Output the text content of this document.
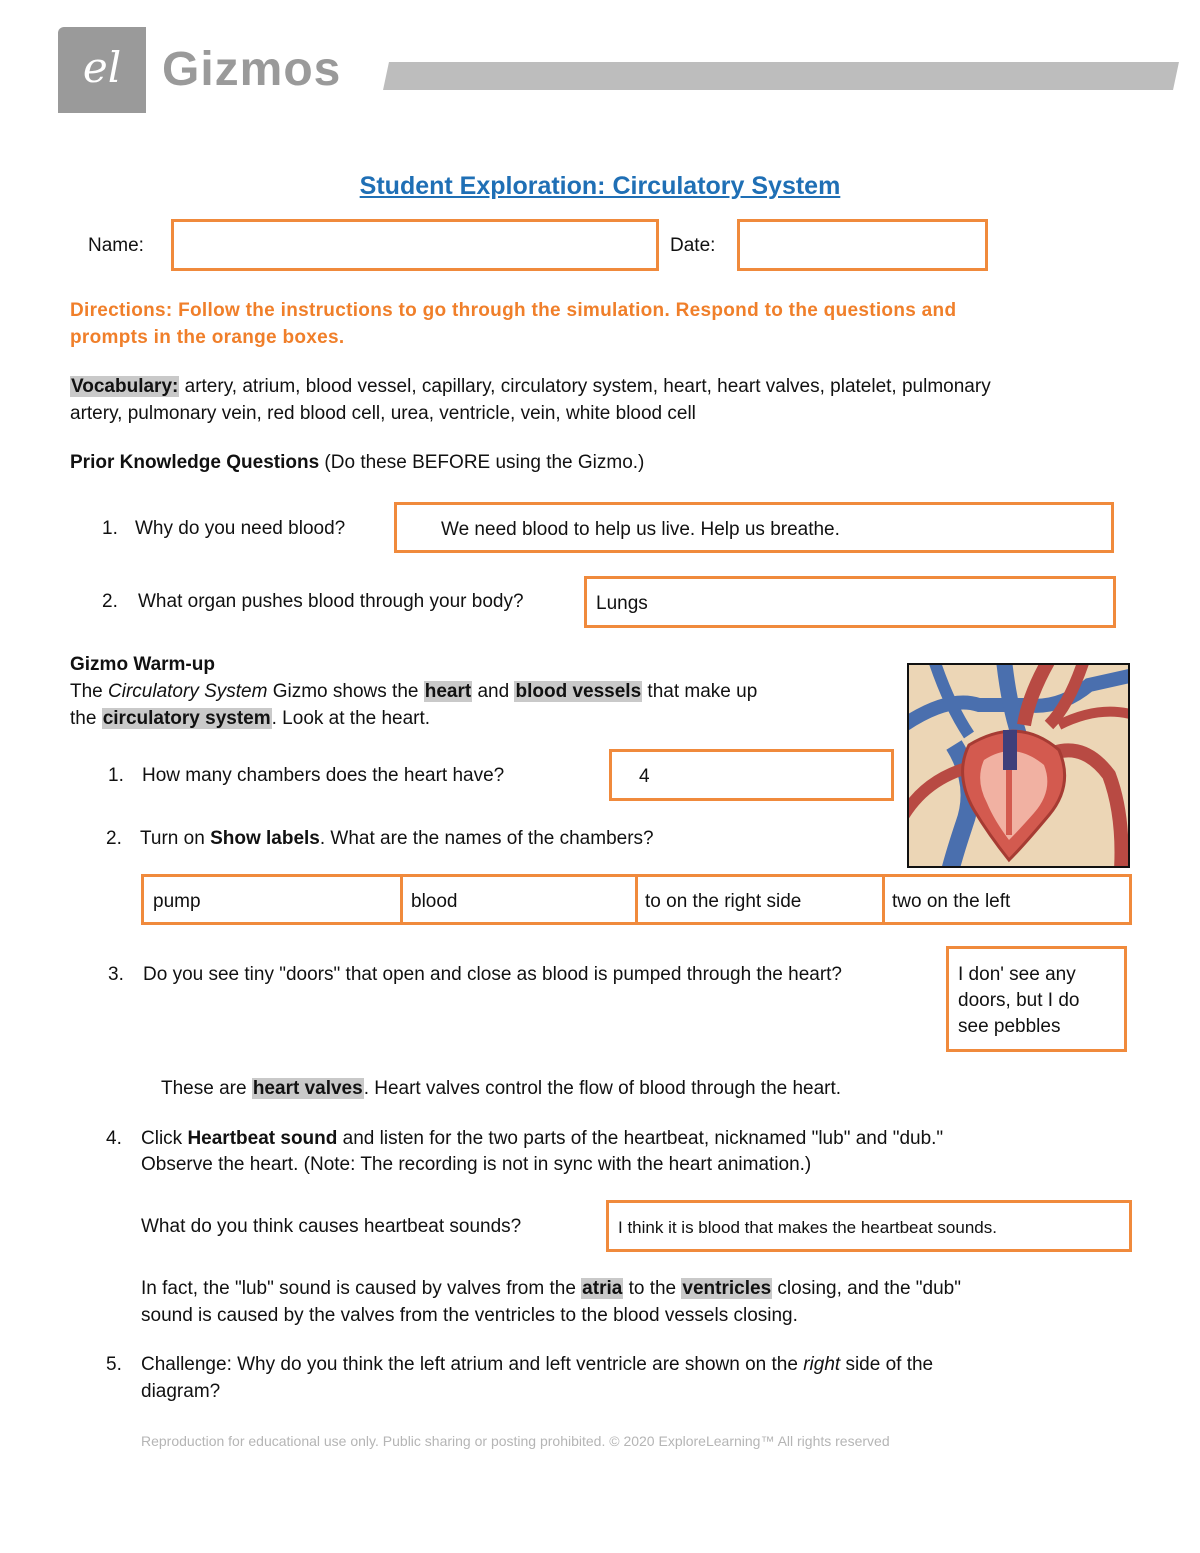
el Gizmos
Student Exploration: Circulatory System
Name:	Date:
Directions: Follow the instructions to go through the simulation. Respond to the questions and
prompts in the orange boxes.
Vocabulary: artery, atrium, blood vessel, capillary, circulatory system, heart, heart valves, platelet, pulmonary
artery, pulmonary vein, red blood cell, urea, ventricle, vein, white blood cell
Prior Knowledge Questions (Do these BEFORE using the Gizmo.)
1. Why do you need blood?	We need blood to help us live. Help us breathe.
2. What organ pushes blood through your body?	Lungs
Gizmo Warm-up
The Circulatory System Gizmo shows the heart and blood vessels that make up
the circulatory system. Look at the heart.
1. How many chambers does the heart have?	4
2. Turn on Show labels. What are the names of the chambers?
pump	blood	to on the right side	two on the left
3. Do you see tiny "doors" that open and close as blood is pumped through the heart?	I don' see any
doors, but I do
see pebbles
These are heart valves. Heart valves control the flow of blood through the heart.
4. Click Heartbeat sound and listen for the two parts of the heartbeat, nicknamed "lub" and "dub."
Observe the heart. (Note: The recording is not in sync with the heart animation.)
What do you think causes heartbeat sounds?	I think it is blood that makes the heartbeat sounds.
In fact, the "lub" sound is caused by valves from the atria to the ventricles closing, and the "dub"
sound is caused by the valves from the ventricles to the blood vessels closing.
5. Challenge: Why do you think the left atrium and left ventricle are shown on the right side of the
diagram?
Reproduction for educational use only. Public sharing or posting prohibited. © 2020 ExploreLearning™ All rights reserved
